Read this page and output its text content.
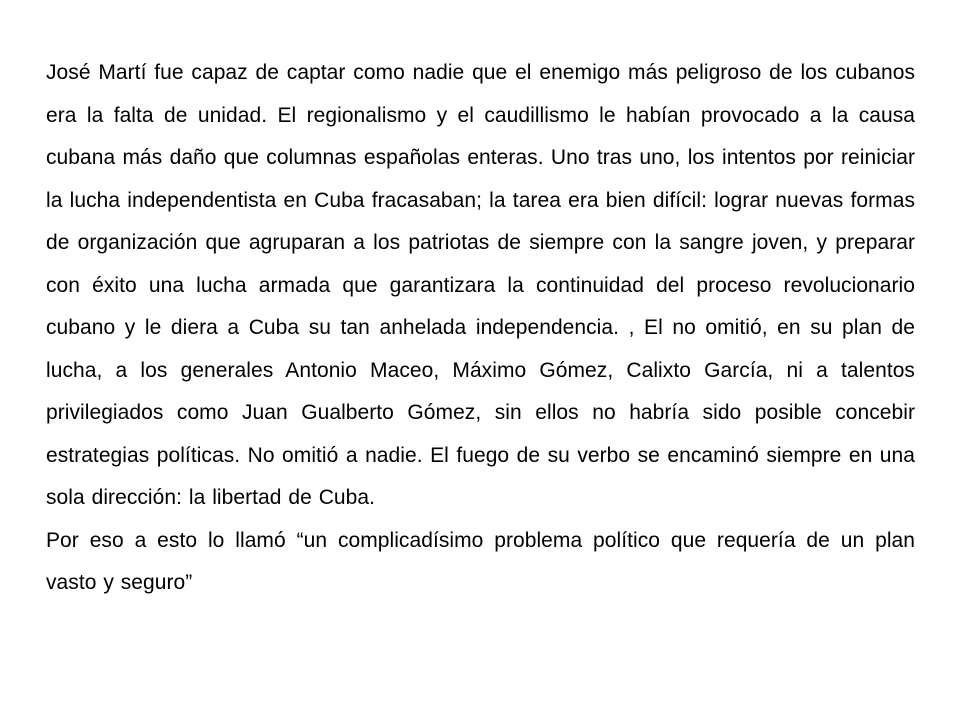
José Martí fue capaz de captar como nadie que el enemigo más peligroso de los cubanos era la falta de unidad. El regionalismo y el caudillismo le habían provocado a la causa cubana más daño que columnas españolas enteras. Uno tras uno, los intentos por reiniciar la lucha independentista en Cuba fracasaban; la tarea era bien difícil: lograr nuevas formas de organización que agruparan a los patriotas de siempre con la sangre joven, y preparar con éxito una lucha armada que garantizara la continuidad del proceso revolucionario cubano y le diera a Cuba su tan anhelada independencia. , El no omitió, en su plan de lucha, a los generales Antonio Maceo, Máximo Gómez, Calixto García, ni a talentos privilegiados como Juan Gualberto Gómez, sin ellos no habría sido posible concebir estrategias políticas. No omitió a nadie. El fuego de su verbo se encaminó siempre en una sola dirección: la libertad de Cuba.

Por eso a esto lo llamó “un complicadísimo problema político que requería de un plan vasto y seguro”
